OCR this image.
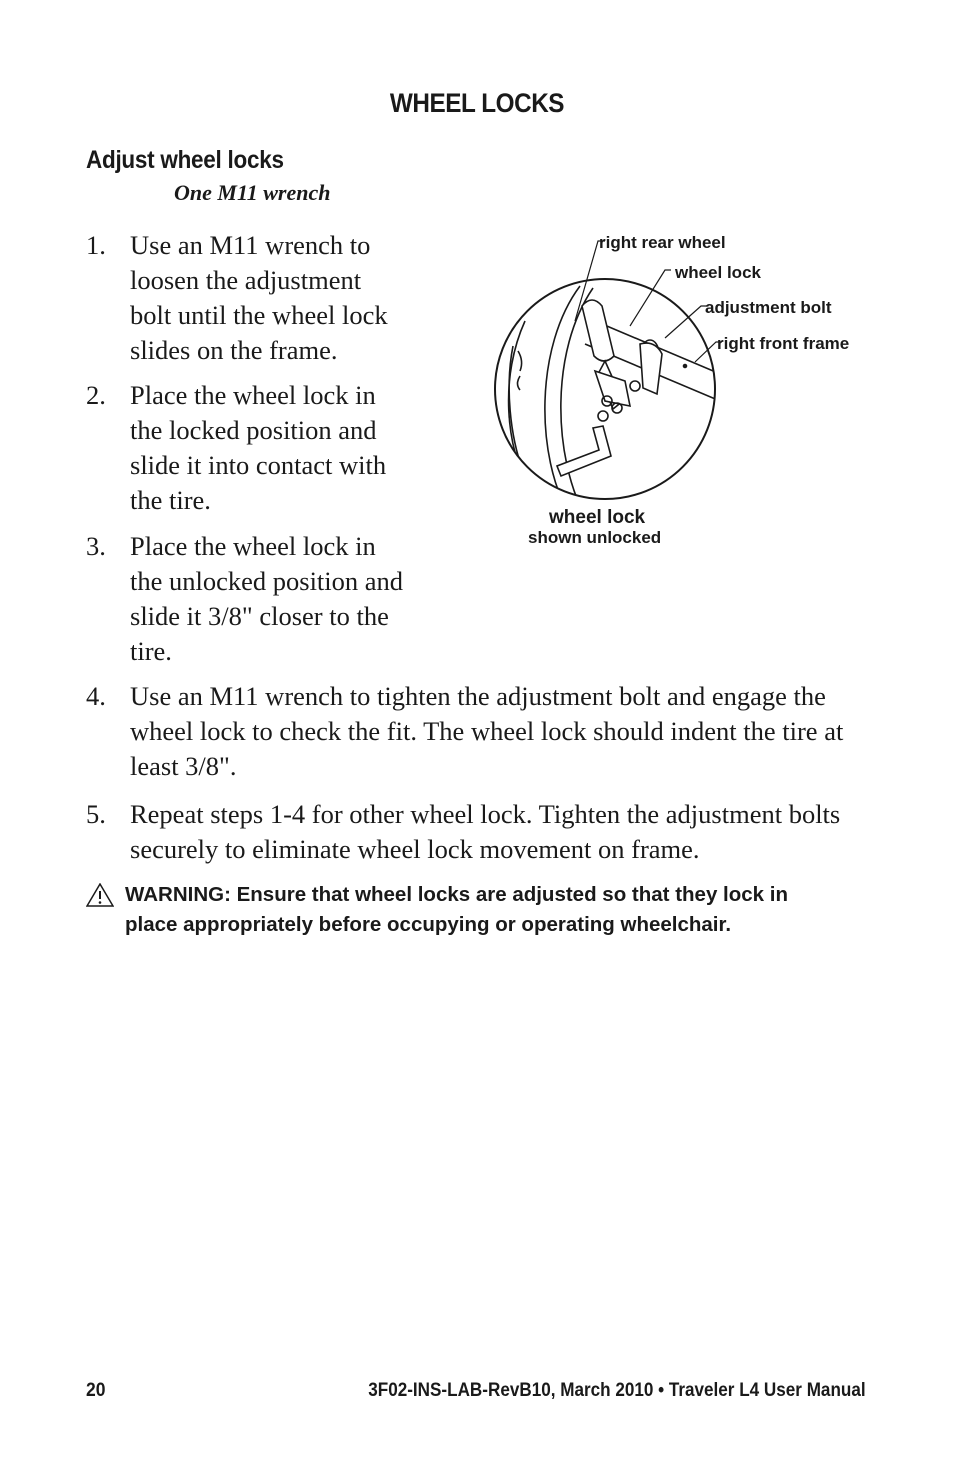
WHEEL LOCKS
Adjust wheel locks
One M11 wrench
1. Use an M11 wrench to loosen the adjustment bolt until the wheel lock slides on the frame.
2. Place the wheel lock in the locked position and slide it into contact with the tire.
3. Place the wheel lock in the unlocked position and slide it 3/8" closer to the tire.
4. Use an M11 wrench to tighten the adjustment bolt and engage the wheel lock to check the fit. The wheel lock should indent the tire at least 3/8".
5. Repeat steps 1-4 for other wheel lock. Tighten the adjustment bolts securely to eliminate wheel lock movement on frame.
WARNING: Ensure that wheel locks are adjusted so that they lock in place appropriately before occupying or operating wheelchair.
right rear wheel
wheel lock
adjustment bolt
right front frame
wheel lock
shown unlocked
20	3F02-INS-LAB-RevB10, March 2010 • Traveler L4 User Manual
